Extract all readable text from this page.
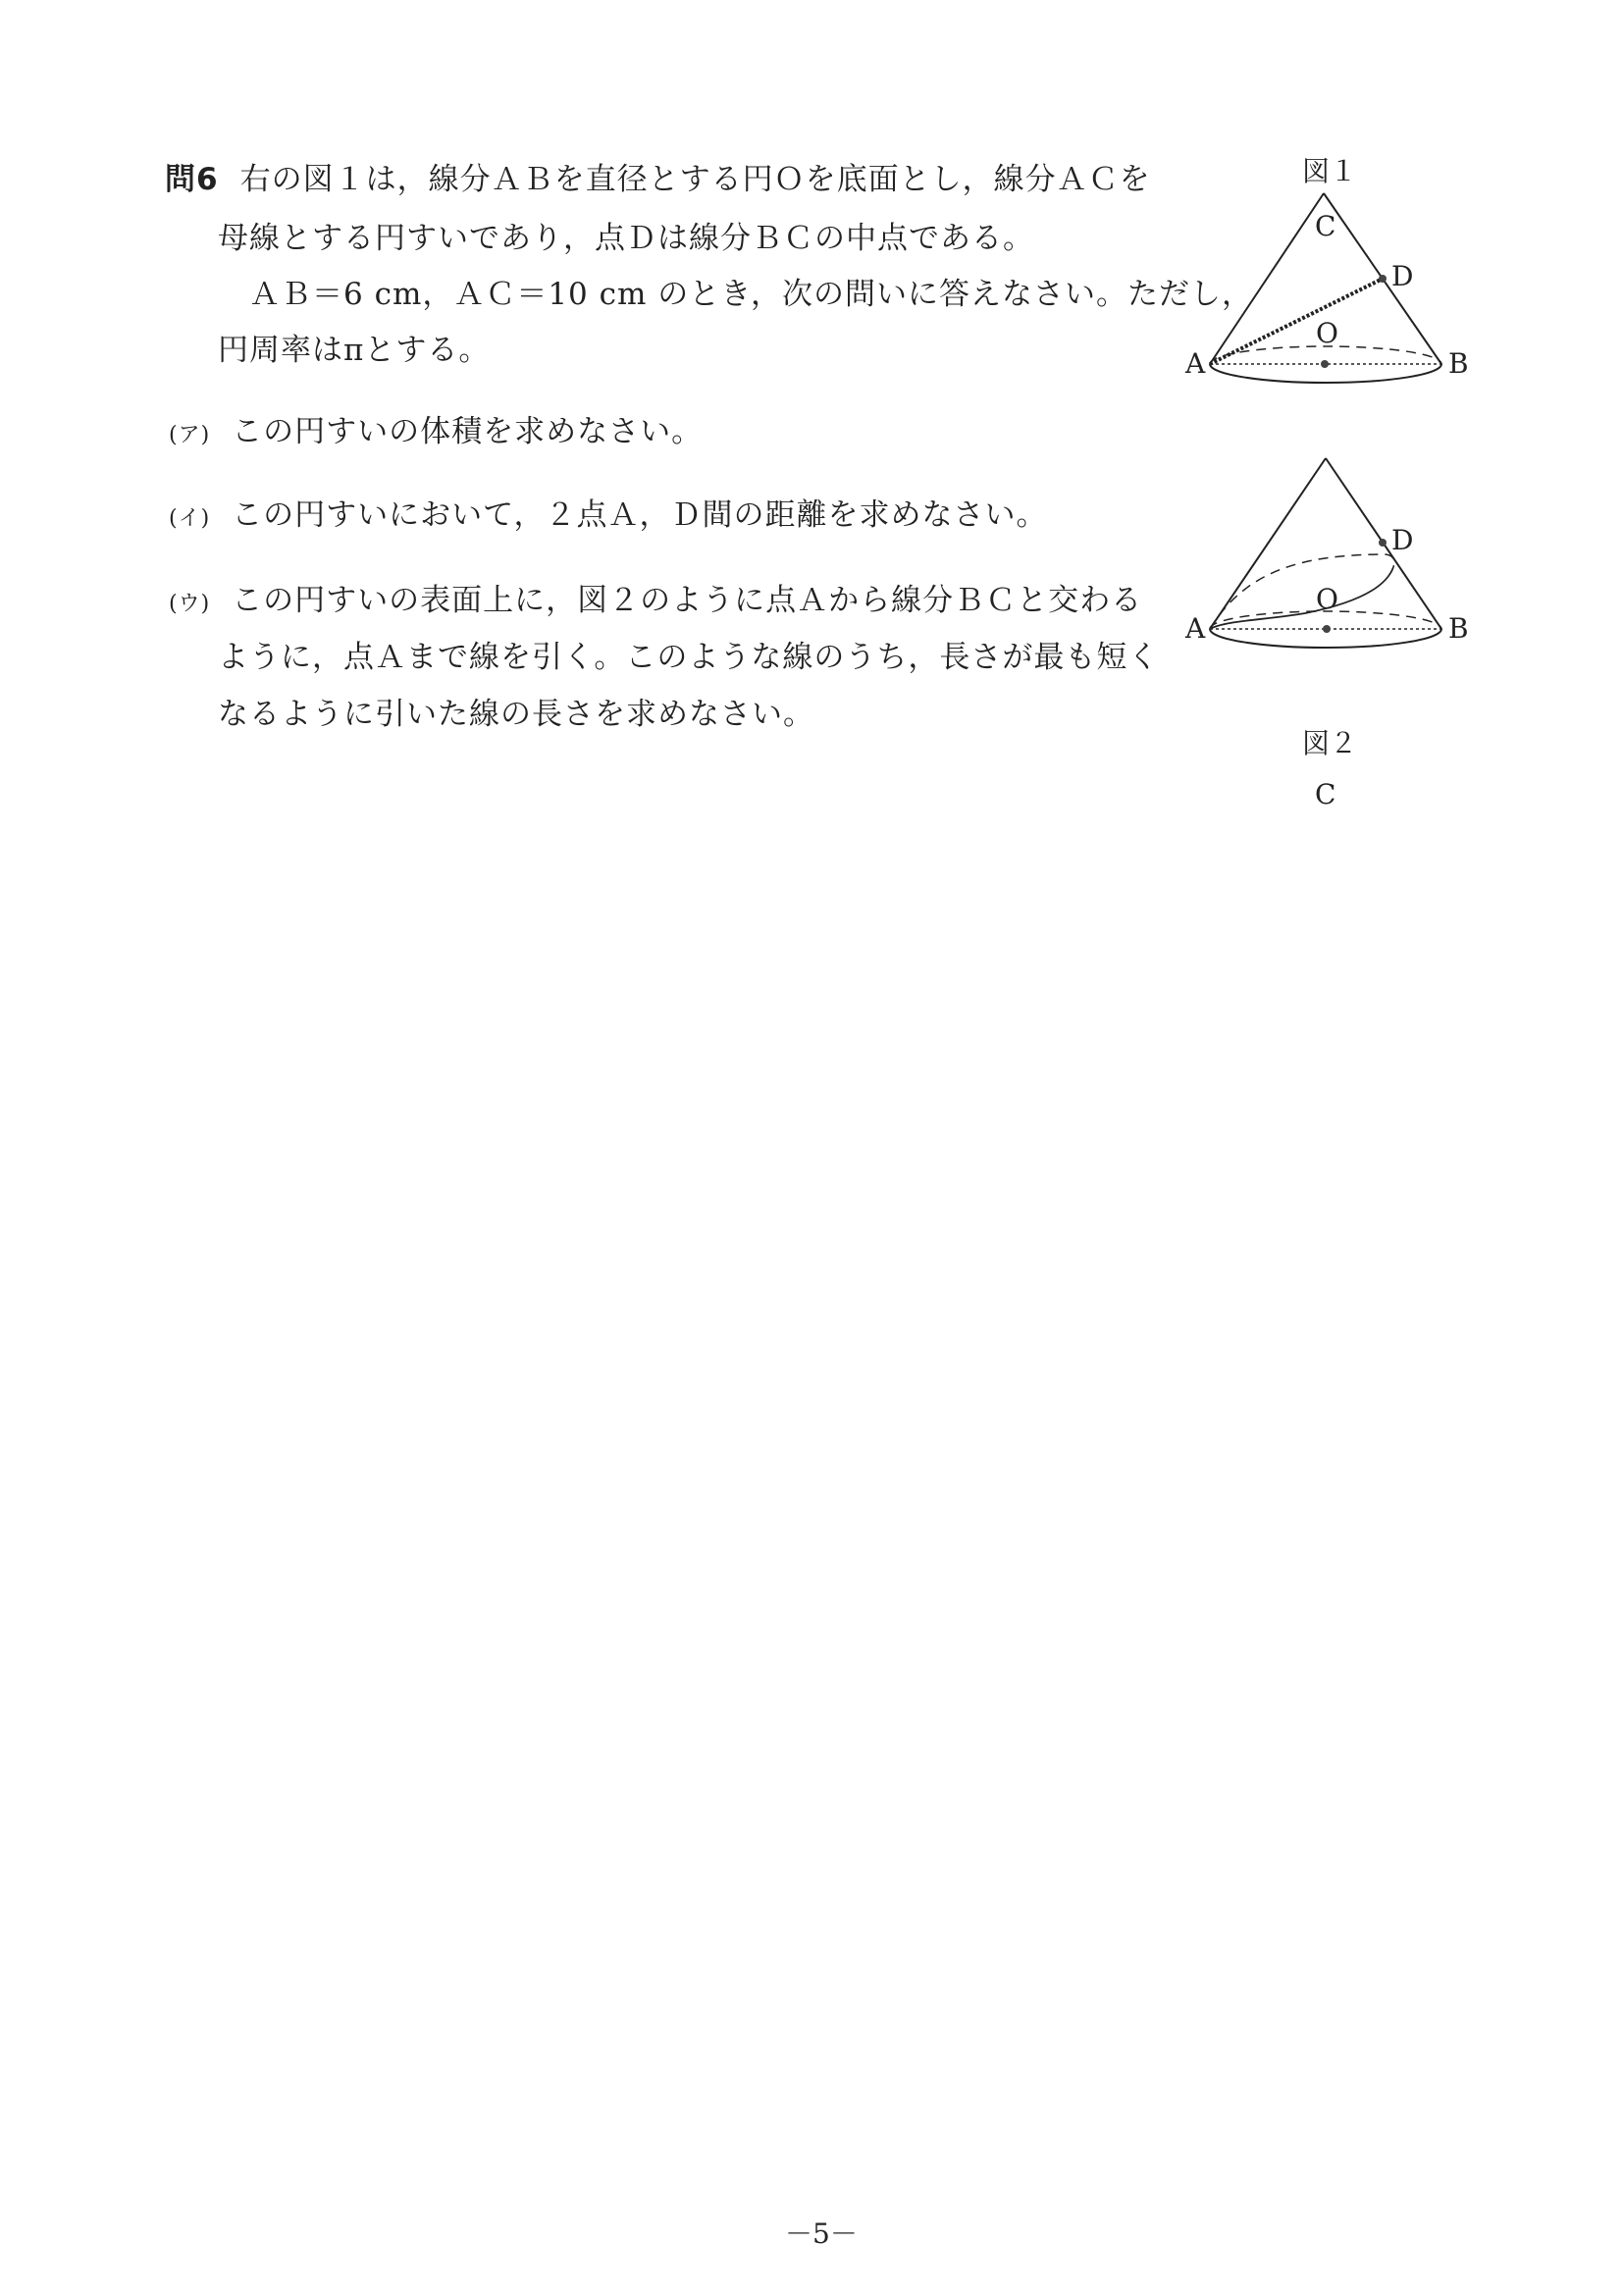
問6 右の図１は，線分ＡＢを直径とする円Ｏを底面とし，線分ＡＣを
母線とする円すいであり，点Ｄは線分ＢＣの中点である。
ＡＢ＝6 cm，ＡＣ＝10 cm のとき，次の問いに答えなさい。ただし，
円周率はπとする。
(ア) この円すいの体積を求めなさい。
(イ) この円すいにおいて，２点Ａ，Ｄ間の距離を求めなさい。
(ウ) この円すいの表面上に，図２のように点Ａから線分ＢＣと交わる
ように，点Ａまで線を引く。このような線のうち，長さが最も短く
なるように引いた線の長さを求めなさい。
図１
C
D
A
O
B
図２
C
D
A
O
B
－5－
